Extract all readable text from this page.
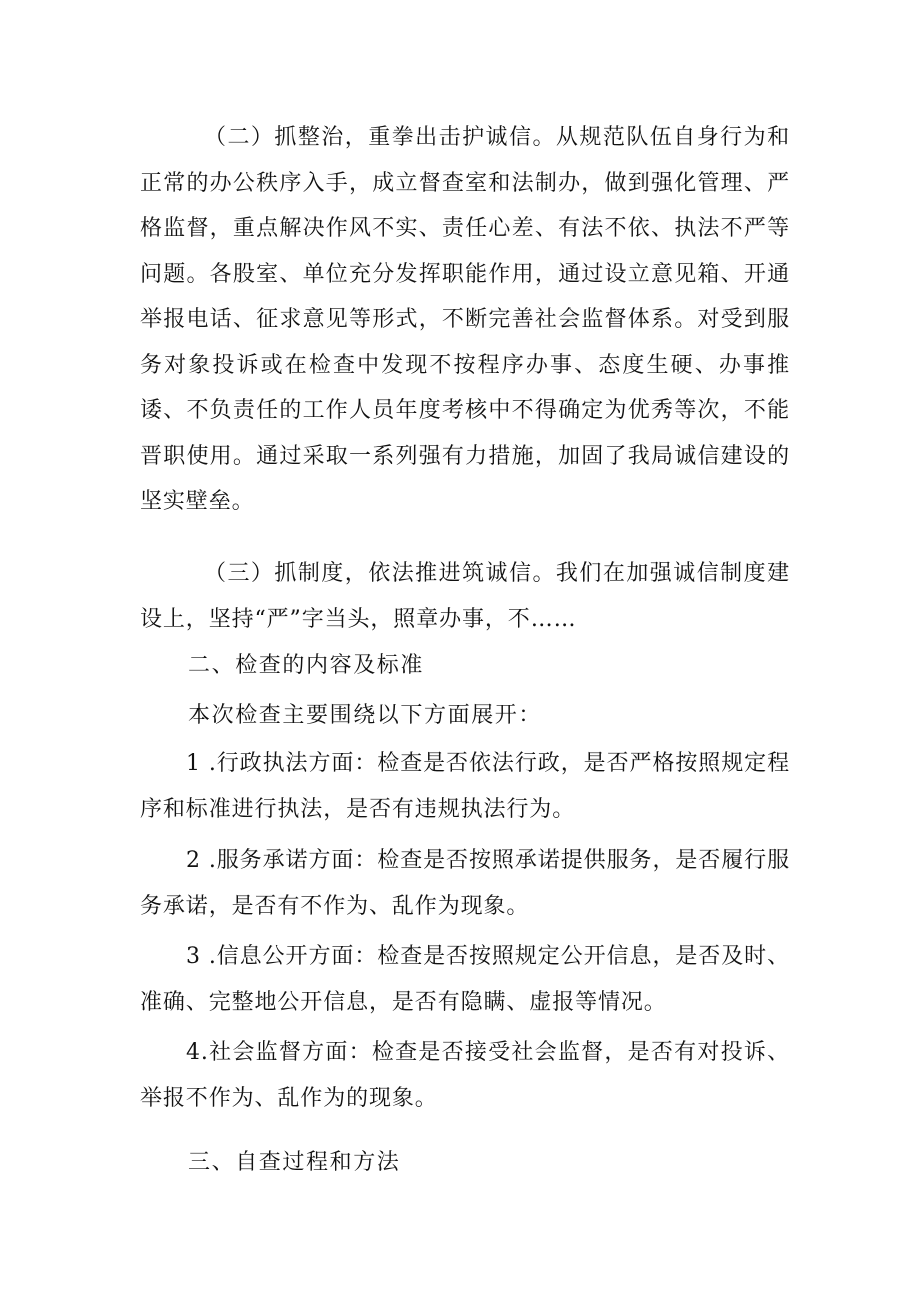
（二）抓整治，重拳出击护诚信。从规范队伍自身行为和正常的办公秩序入手，成立督查室和法制办，做到强化管理、严格监督，重点解决作风不实、责任心差、有法不依、执法不严等问题。各股室、单位充分发挥职能作用，通过设立意见箱、开通举报电话、征求意见等形式，不断完善社会监督体系。对受到服务对象投诉或在检查中发现不按程序办事、态度生硬、办事推诿、不负责任的工作人员年度考核中不得确定为优秀等次，不能晋职使用。通过采取一系列强有力措施，加固了我局诚信建设的坚实壁垒。

（三）抓制度，依法推进筑诚信。我们在加强诚信制度建设上，坚持“严”字当头，照章办事，不……

二、检查的内容及标准

本次检查主要围绕以下方面展开：

1 .行政执法方面：检查是否依法行政，是否严格按照规定程序和标准进行执法，是否有违规执法行为。

2 .服务承诺方面：检查是否按照承诺提供服务，是否履行服务承诺，是否有不作为、乱作为现象。

3 .信息公开方面：检查是否按照规定公开信息，是否及时、准确、完整地公开信息，是否有隐瞒、虚报等情况。

4.社会监督方面：检查是否接受社会监督，是否有对投诉、举报不作为、乱作为的现象。

三、自查过程和方法
